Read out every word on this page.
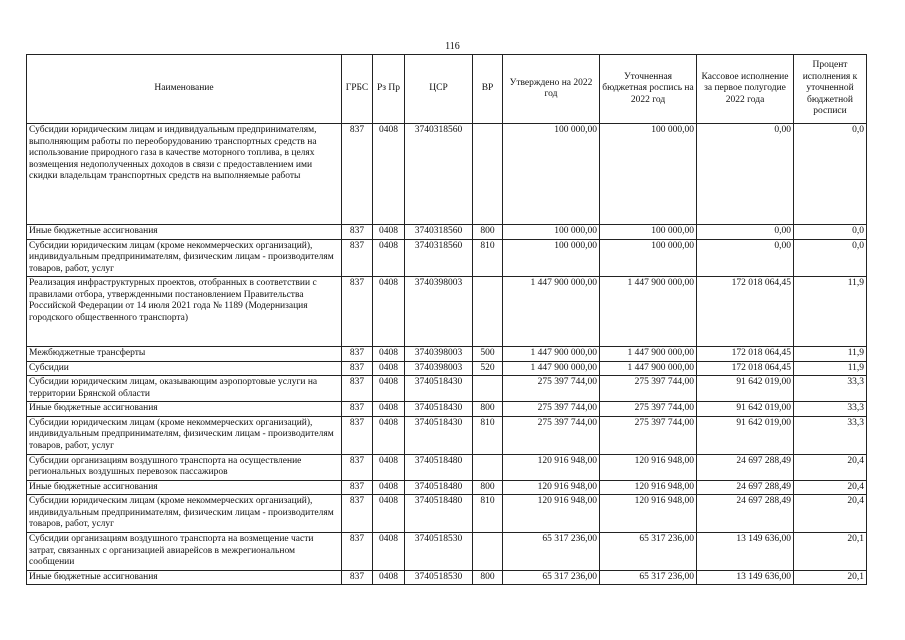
116
Наименование	ГРБС	Рз Пр	ЦСР	ВР	Утверждено на 2022 год	Уточненная бюджетная роспись на 2022 год	Кассовое исполнение за первое полугодие 2022 года	Процент исполнения к уточненной бюджетной росписи
Субсидии юридическим лицам и индивидуальным предпринимателям, выполняющим работы по переоборудованию транспортных средств на использование природного газа в качестве моторного топлива, в целях возмещения недополученных доходов в связи с предоставлением ими скидки владельцам транспортных средств на выполняемые работы	837	0408	3740318560		100 000,00	100 000,00	0,00	0,0
Иные бюджетные ассигнования	837	0408	3740318560	800	100 000,00	100 000,00	0,00	0,0
Субсидии юридическим лицам (кроме некоммерческих организаций), индивидуальным предпринимателям, физическим лицам - производителям товаров, работ, услуг	837	0408	3740318560	810	100 000,00	100 000,00	0,00	0,0
Реализация инфраструктурных проектов, отобранных в соответствии с правилами отбора, утвержденными постановлением Правительства Российской Федерации от 14 июля 2021 года № 1189 (Модернизация городского общественного транспорта)	837	0408	3740398003		1 447 900 000,00	1 447 900 000,00	172 018 064,45	11,9
Межбюджетные трансферты	837	0408	3740398003	500	1 447 900 000,00	1 447 900 000,00	172 018 064,45	11,9
Субсидии	837	0408	3740398003	520	1 447 900 000,00	1 447 900 000,00	172 018 064,45	11,9
Субсидии юридическим лицам, оказывающим аэропортовые услуги на территории Брянской области	837	0408	3740518430		275 397 744,00	275 397 744,00	91 642 019,00	33,3
Иные бюджетные ассигнования	837	0408	3740518430	800	275 397 744,00	275 397 744,00	91 642 019,00	33,3
Субсидии юридическим лицам (кроме некоммерческих организаций), индивидуальным предпринимателям, физическим лицам - производителям товаров, работ, услуг	837	0408	3740518430	810	275 397 744,00	275 397 744,00	91 642 019,00	33,3
Субсидии организациям воздушного транспорта на осуществление региональных воздушных перевозок пассажиров	837	0408	3740518480		120 916 948,00	120 916 948,00	24 697 288,49	20,4
Иные бюджетные ассигнования	837	0408	3740518480	800	120 916 948,00	120 916 948,00	24 697 288,49	20,4
Субсидии юридическим лицам (кроме некоммерческих организаций), индивидуальным предпринимателям, физическим лицам - производителям товаров, работ, услуг	837	0408	3740518480	810	120 916 948,00	120 916 948,00	24 697 288,49	20,4
Субсидии организациям воздушного транспорта на возмещение части затрат, связанных с организацией авиарейсов в межрегиональном сообщении	837	0408	3740518530		65 317 236,00	65 317 236,00	13 149 636,00	20,1
Иные бюджетные ассигнования	837	0408	3740518530	800	65 317 236,00	65 317 236,00	13 149 636,00	20,1
